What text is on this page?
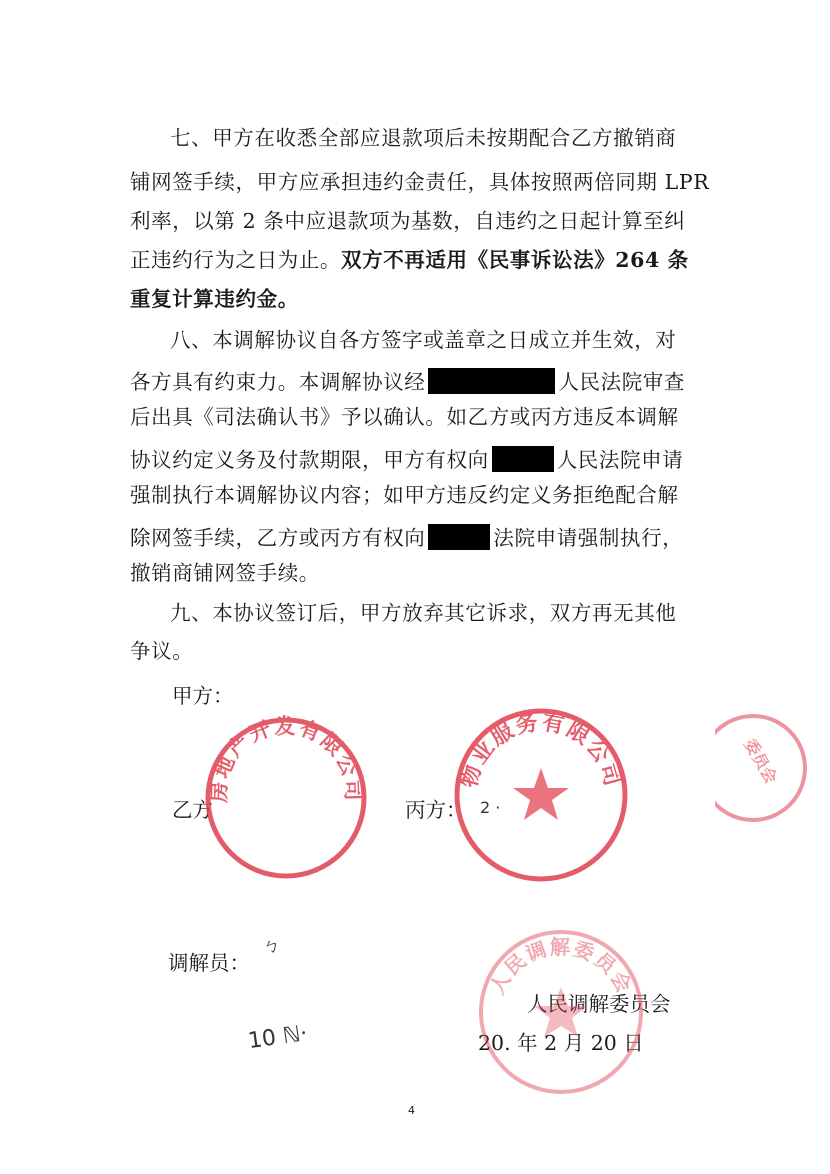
七、甲方在收悉全部应退款项后未按期配合乙方撤销商
铺网签手续，甲方应承担违约金责任，具体按照两倍同期 LPR
利率，以第 2 条中应退款项为基数，自违约之日起计算至纠
正违约行为之日为止。双方不再适用《民事诉讼法》264 条
重复计算违约金。
八、本调解协议自各方签字或盖章之日成立并生效，对
各方具有约束力。本调解协议经	人民法院审查
后出具《司法确认书》予以确认。如乙方或丙方违反本调解
协议约定义务及付款期限，甲方有权向	人民法院申请
强制执行本调解协议内容；如甲方违反约定义务拒绝配合解
除网签手续，乙方或丙方有权向	法院申请强制执行，
撤销商铺网签手续。
九、本协议签订后，甲方放弃其它诉求，双方再无其他
争议。
甲方：
乙方	丙方：
调解员：
人民调解委员会
20. 年 2 月 20 日
ㄅ
10 ℕ·
2 ·
房地产开发有限公司
物业服务有限公司
人民调解委员会
委员会
4
